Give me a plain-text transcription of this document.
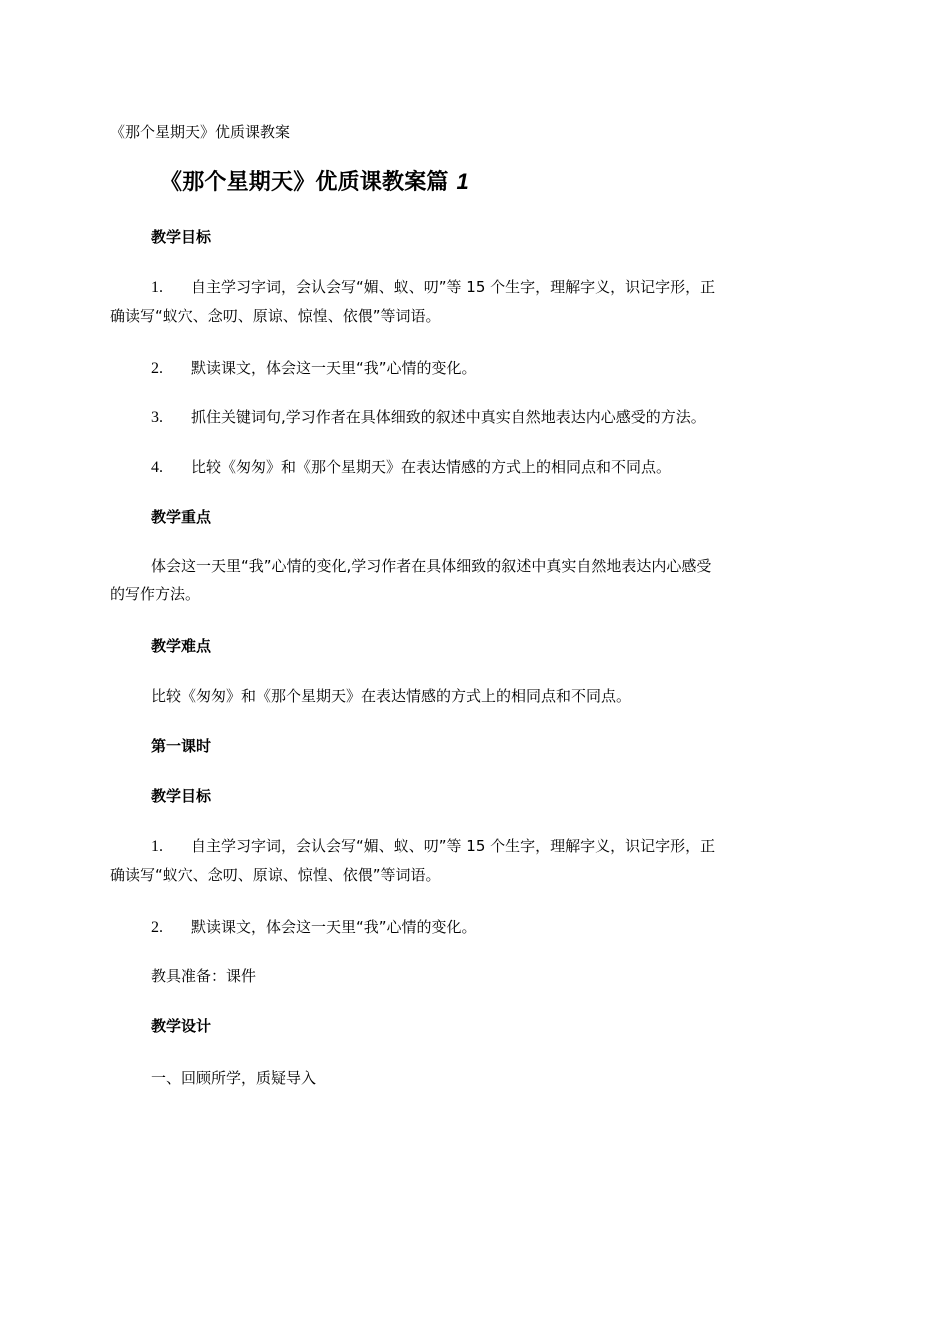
《那个星期天》优质课教案
《那个星期天》优质课教案篇 1
教学目标
1. 自主学习字词，会认会写“媚、蚁、叨”等 15 个生字，理解字义，识记字形，正
确读写“蚁穴、念叨、原谅、惊惶、依偎”等词语。
2. 默读课文，体会这一天里“我”心情的变化。
3. 抓住关键词句,学习作者在具体细致的叙述中真实自然地表达内心感受的方法。
4. 比较《匆匆》和《那个星期天》在表达情感的方式上的相同点和不同点。
教学重点
体会这一天里“我”心情的变化,学习作者在具体细致的叙述中真实自然地表达内心感受
的写作方法。
教学难点
比较《匆匆》和《那个星期天》在表达情感的方式上的相同点和不同点。
第一课时
教学目标
1. 自主学习字词，会认会写“媚、蚁、叨”等 15 个生字，理解字义，识记字形，正
确读写“蚁穴、念叨、原谅、惊惶、依偎”等词语。
2. 默读课文，体会这一天里“我”心情的变化。
教具准备：课件
教学设计
一、回顾所学，质疑导入
